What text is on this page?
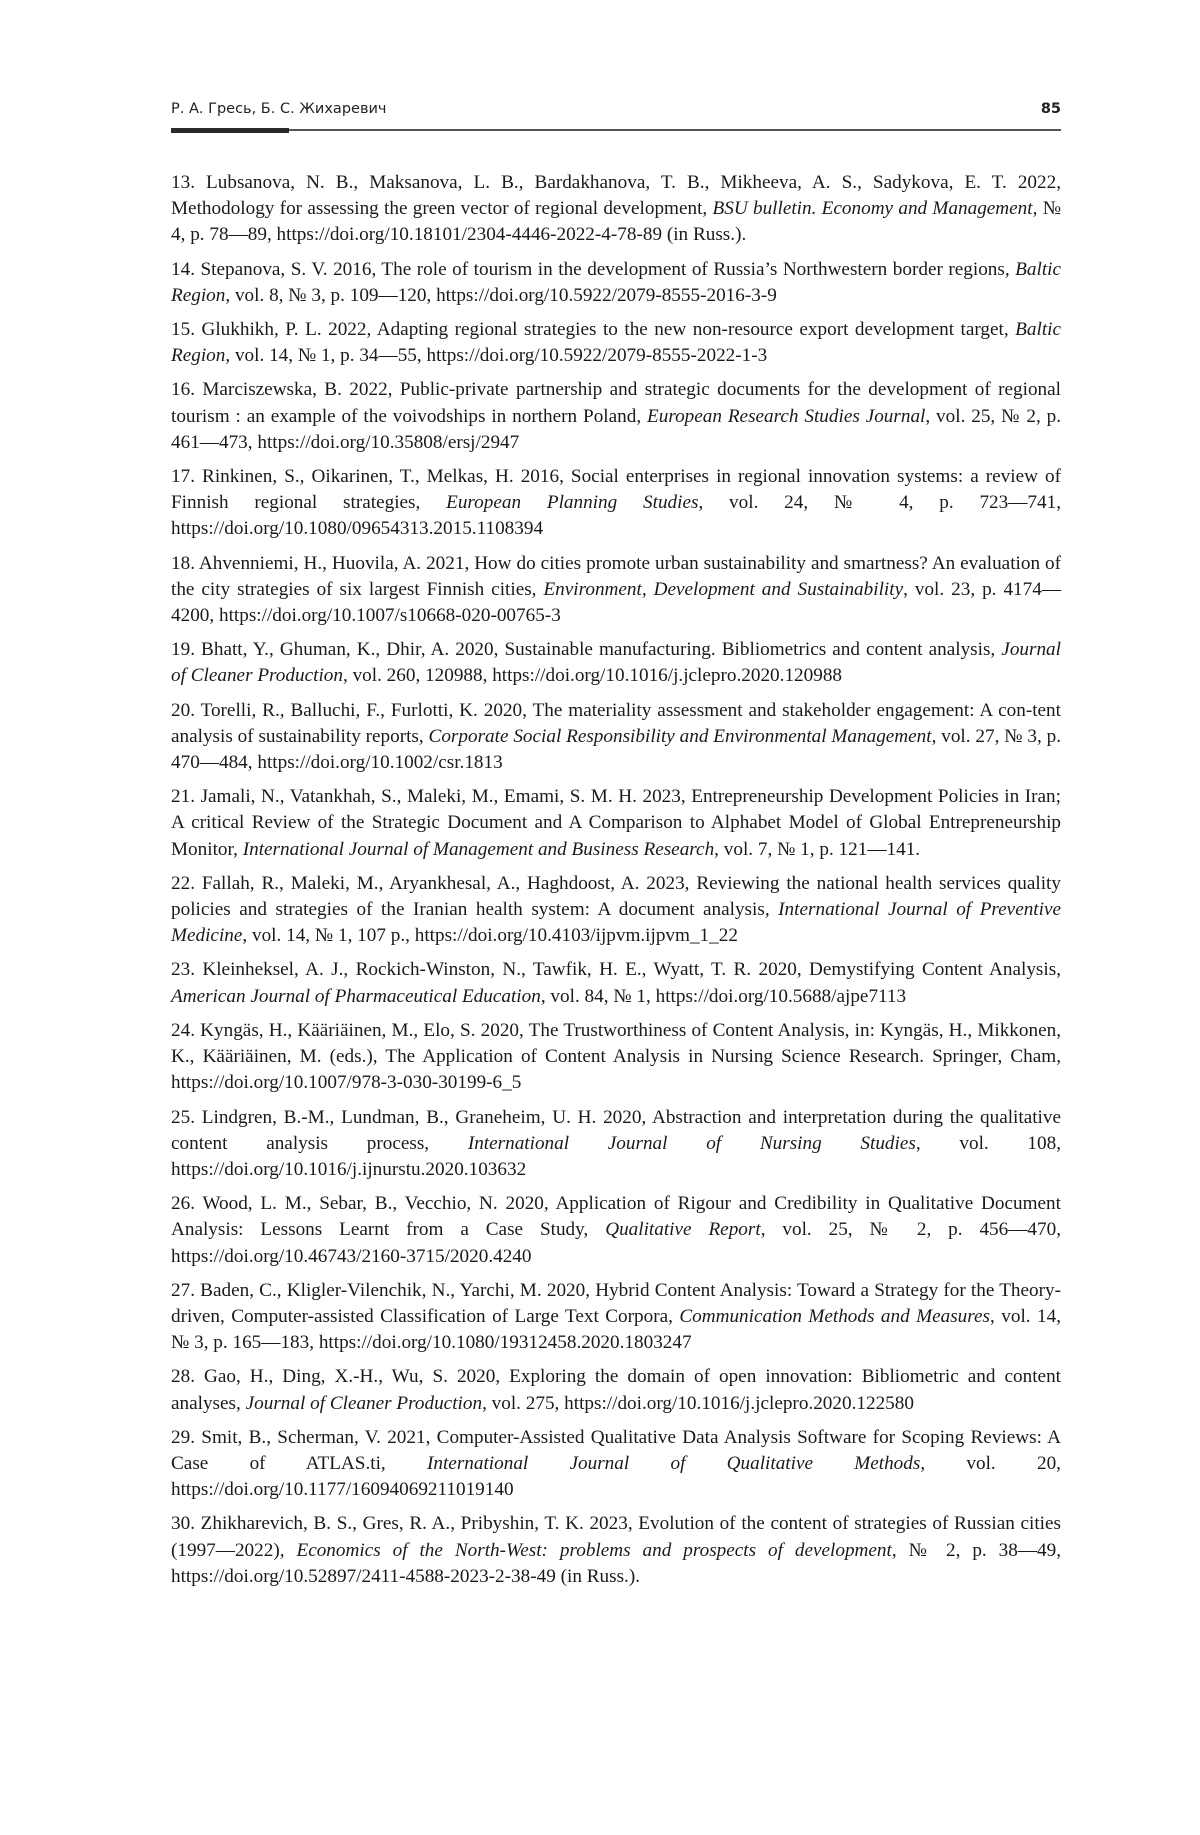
Р. А. Гресь, Б. С. Жихаревич	85

13. Lubsanova, N. B., Maksanova, L. B., Bardakhanova, T. B., Mikheeva, A. S., Sadykova, E. T. 2022, Methodology for assessing the green vector of regional development, BSU bulletin. Economy and Management, № 4, p. 78—89, https://doi.org/10.18101/2304-4446-2022-4-78-89 (in Russ.).

14. Stepanova, S. V. 2016, The role of tourism in the development of Russia’s Northwestern border regions, Baltic Region, vol. 8, № 3, p. 109—120, https://doi.org/10.5922/2079-8555-2016-3-9

15. Glukhikh, P. L. 2022, Adapting regional strategies to the new non-resource export development target, Baltic Region, vol. 14, № 1, p. 34—55, https://doi.org/10.5922/2079-8555-2022-1-3

16. Marciszewska, B. 2022, Public-private partnership and strategic documents for the development of regional tourism : an example of the voivodships in northern Poland, European Research Studies Journal, vol. 25, № 2, p. 461—473, https://doi.org/10.35808/ersj/2947

17. Rinkinen, S., Oikarinen, T., Melkas, H. 2016, Social enterprises in regional innovation systems: a review of Finnish regional strategies, European Planning Studies, vol. 24, № 4, p. 723—741, https://doi.org/10.1080/09654313.2015.1108394

18. Ahvenniemi, H., Huovila, A. 2021, How do cities promote urban sustainability and smartness? An evaluation of the city strategies of six largest Finnish cities, Environment, Development and Sustainability, vol. 23, p. 4174—4200, https://doi.org/10.1007/s10668-020-00765-3

19. Bhatt, Y., Ghuman, K., Dhir, A. 2020, Sustainable manufacturing. Bibliometrics and content analysis, Journal of Cleaner Production, vol. 260, 120988, https://doi.org/10.1016/j.jclepro.2020.120988

20. Torelli, R., Balluchi, F., Furlotti, K. 2020, Thе materiality assessment and stakeholder engagement: A con-tent analysis of sustainability reports, Corporate Social Responsibility and Environmental Management, vol. 27, № 3, p. 470—484, https://doi.org/10.1002/csr.1813

21. Jamali, N., Vatankhah, S., Maleki, M., Emami, S. M. H. 2023, Entrepreneurship Development Policies in Iran; A critical Review of the Strategic Document and A Comparison to Alphabet Model of Global Entrepreneurship Monitor, International Journal of Management and Business Research, vol. 7, № 1, p. 121—141.

22. Fallah, R., Maleki, M., Aryankhesal, A., Haghdoost, A. 2023, Reviewing the national health services quality policies and strategies of the Iranian health system: A document analysis, International Journal of Preventive Medicine, vol. 14, № 1, 107 p., https://doi.org/10.4103/ijpvm.ijpvm_1_22

23. Kleinheksel, A. J., Rockich-Winston, N., Tawfik, H. E., Wyatt, T. R. 2020, Demystifying Content Analysis, American Journal of Pharmaceutical Education, vol. 84, № 1, https://doi.org/10.5688/ajpe7113

24. Kyngäs, H., Kääriäinen, M., Elo, S. 2020, The Trustworthiness of Content Analysis, in: Kyngäs, H., Mikkonen, K., Kääriäinen, M. (eds.), The Application of Content Analysis in Nursing Science Research. Springer, Cham, https://doi.org/10.1007/978-3-030-30199-6_5

25. Lindgren, B.-M., Lundman, B., Graneheim, U. H. 2020, Abstraction and interpretation during the qualitative content analysis process, International Journal of Nursing Studies, vol. 108, https://doi.org/10.1016/j.ijnurstu.2020.103632

26. Wood, L. M., Sebar, B., Vecchio, N. 2020, Application of Rigour and Credibility in Qualitative Document Analysis: Lessons Learnt from a Case Study, Qualitative Report, vol. 25, № 2, p. 456—470, https://doi.org/10.46743/2160-3715/2020.4240

27. Baden, C., Kligler-Vilenchik, N., Yarchi, M. 2020, Hybrid Content Analysis: Toward a Strategy for the Theory-driven, Computer-assisted Classification of Large Text Corpora, Communication Methods and Measures, vol. 14, № 3, p. 165—183, https://doi.org/10.1080/19312458.2020.1803247

28. Gao, H., Ding, X.-H., Wu, S. 2020, Exploring the domain of open innovation: Bibliometric and content analyses, Journal of Cleaner Production, vol. 275, https://doi.org/10.1016/j.jclepro.2020.122580

29. Smit, B., Scherman, V. 2021, Computer-Assisted Qualitative Data Analysis Software for Scoping Reviews: A Case of ATLAS.ti, International Journal of Qualitative Methods, vol. 20, https://doi.org/10.1177/16094069211019140

30. Zhikharevich, B. S., Gres, R. A., Pribyshin, T. K. 2023, Evolution of the content of strategies of Russian cities (1997—2022), Economics of the North-West: problems and prospects of development, № 2, p. 38—49, https://doi.org/10.52897/2411-4588-2023-2-38-49 (in Russ.).
